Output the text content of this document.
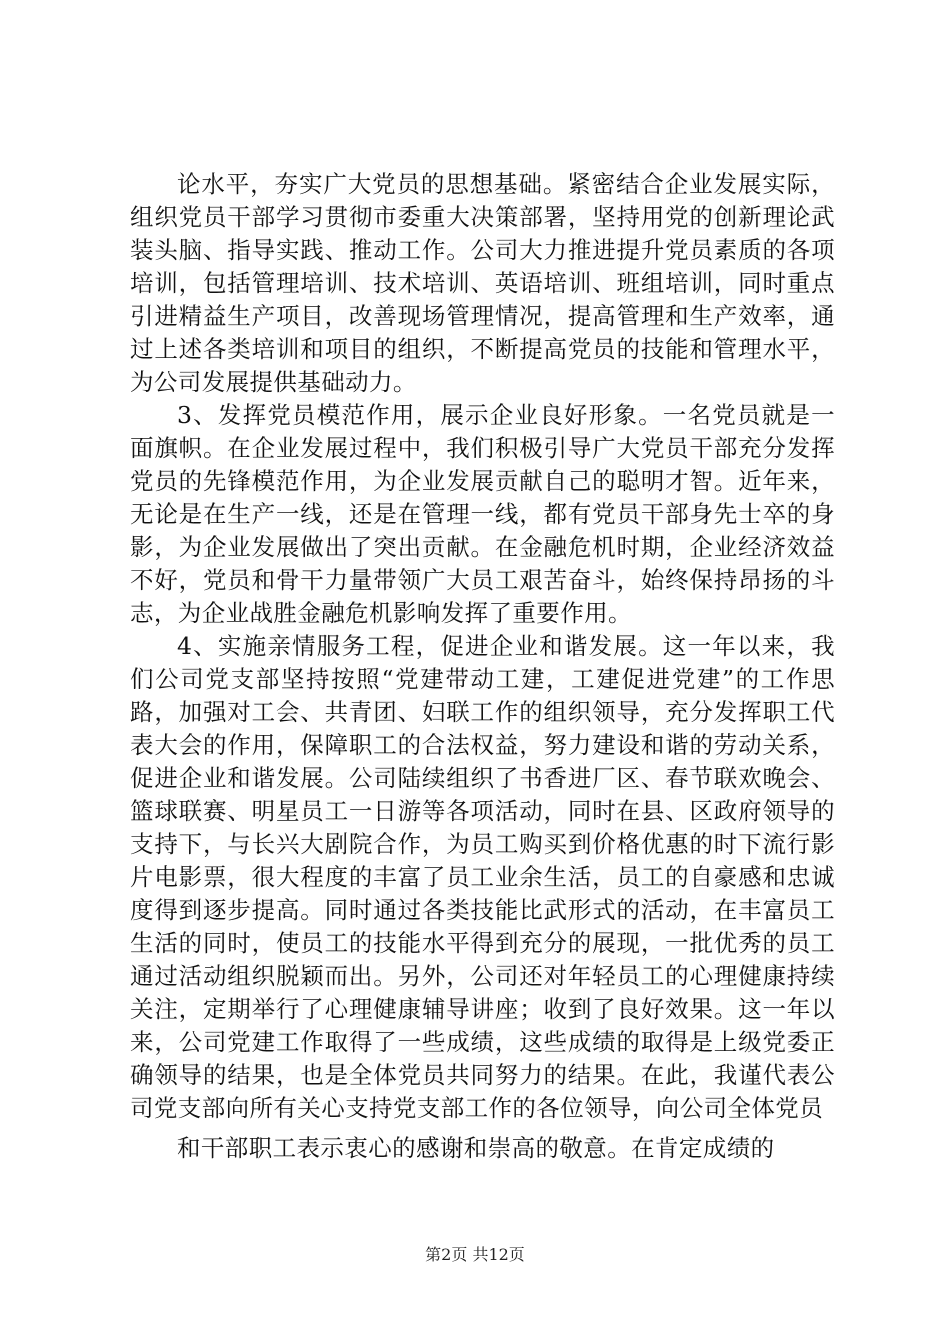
论水平，夯实广大党员的思想基础。紧密结合企业发展实际，组织党员干部学习贯彻市委重大决策部署，坚持用党的创新理论武装头脑、指导实践、推动工作。公司大力推进提升党员素质的各项培训，包括管理培训、技术培训、英语培训、班组培训，同时重点引进精益生产项目，改善现场管理情况，提高管理和生产效率，通过上述各类培训和项目的组织，不断提高党员的技能和管理水平，为公司发展提供基础动力。

3、发挥党员模范作用，展示企业良好形象。一名党员就是一面旗帜。在企业发展过程中，我们积极引导广大党员干部充分发挥党员的先锋模范作用，为企业发展贡献自己的聪明才智。近年来，无论是在生产一线，还是在管理一线，都有党员干部身先士卒的身影，为企业发展做出了突出贡献。在金融危机时期，企业经济效益不好，党员和骨干力量带领广大员工艰苦奋斗，始终保持昂扬的斗志，为企业战胜金融危机影响发挥了重要作用。

4、实施亲情服务工程，促进企业和谐发展。这一年以来，我们公司党支部坚持按照“党建带动工建，工建促进党建”的工作思路，加强对工会、共青团、妇联工作的组织领导，充分发挥职工代表大会的作用，保障职工的合法权益，努力建设和谐的劳动关系，促进企业和谐发展。公司陆续组织了书香进厂区、春节联欢晚会、篮球联赛、明星员工一日游等各项活动，同时在县、区政府领导的支持下，与长兴大剧院合作，为员工购买到价格优惠的时下流行影片电影票，很大程度的丰富了员工业余生活，员工的自豪感和忠诚度得到逐步提高。同时通过各类技能比武形式的活动，在丰富员工生活的同时，使员工的技能水平得到充分的展现，一批优秀的员工通过活动组织脱颖而出。另外，公司还对年轻员工的心理健康持续关注，定期举行了心理健康辅导讲座；收到了良好效果。这一年以来，公司党建工作取得了一些成绩，这些成绩的取得是上级党委正确领导的结果，也是全体党员共同努力的结果。在此，我谨代表公司党支部向所有关心支持党支部工作的各位领导，向公司全体党员

和干部职工表示衷心的感谢和崇高的敬意。在肯定成绩的

第2页 共12页
